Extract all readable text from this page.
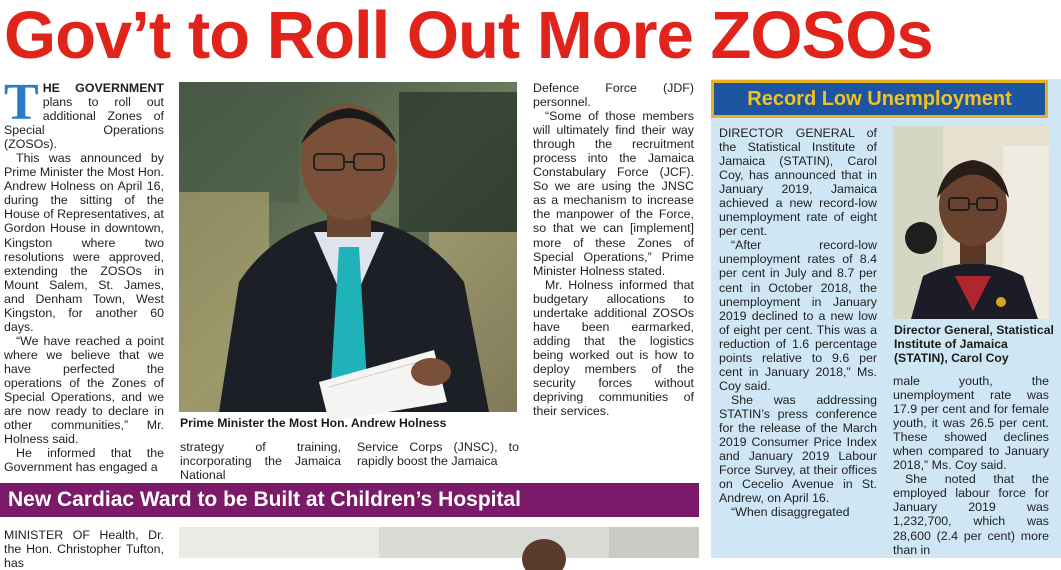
Gov’t to Roll Out More ZOSOs

THE GOVERNMENT plans to roll out additional Zones of Special Operations (ZOSOs).

This was announced by Prime Minister the Most Hon. Andrew Holness on April 16, during the sitting of the House of Representatives, at Gordon House in downtown, Kingston where two resolutions were approved, extending the ZOSOs in Mount Salem, St. James, and Denham Town, West Kingston, for another 60 days.

“We have reached a point where we believe that we have perfected the operations of the Zones of Special Operations, and we are now ready to declare in other communities,” Mr. Holness said.

He informed that the Government has engaged a

Prime Minister the Most Hon. Andrew Holness

strategy of training, incorporating the Jamaica National

Service Corps (JNSC), to rapidly boost the Jamaica

Defence Force (JDF) personnel.

“Some of those members will ultimately find their way through the recruitment process into the Jamaica Constabulary Force (JCF). So we are using the JNSC as a mechanism to increase the manpower of the Force, so that we can [implement] more of these Zones of Special Operations,” Prime Minister Holness stated.

Mr. Holness informed that budgetary allocations to undertake additional ZOSOs have been earmarked, adding that the logistics being worked out is how to deploy members of the security forces without depriving communities of their services.

Record Low Unemployment

DIRECTOR GENERAL of the Statistical Institute of Jamaica (STATIN), Carol Coy, has announced that in January 2019, Jamaica achieved a new record-low unemployment rate of eight per cent.

“After record-low unemployment rates of 8.4 per cent in July and 8.7 per cent in October 2018, the unemployment in January 2019 declined to a new low of eight per cent. This was a reduction of 1.6 percentage points relative to 9.6 per cent in January 2018,” Ms. Coy said.

She was addressing STATIN’s press conference for the release of the March 2019 Consumer Price Index and January 2019 Labour Force Survey, at their offices on Cecelio Avenue in St. Andrew, on April 16.

“When disaggregated

Director General, Statistical Institute of Jamaica (STATIN), Carol Coy

male youth, the unemployment rate was 17.9 per cent and for female youth, it was 26.5 per cent. These showed declines when compared to January 2018,” Ms. Coy said.

She noted that the employed labour force for January 2019 was 1,232,700, which was 28,600 (2.4 per cent) more than in

New Cardiac Ward to be Built at Children’s Hospital

MINISTER OF Health, Dr. the Hon. Christopher Tufton, has
